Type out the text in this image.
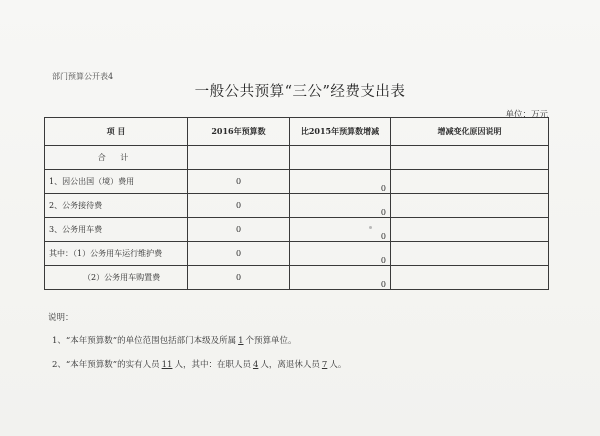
部门预算公开表4
一般公共预算“三公”经费支出表
单位：万元
项 目	2016年预算数	比2015年预算数增减	增减变化原因说明
合 计			
1、因公出国（境）费用	0	0	
2、公务接待费	0	0	
3、公务用车费	0	0	
其中：（1）公务用车运行维护费	0	0	
（2）公务用车购置费	0	0	
说明：
1、“本年预算数”的单位范围包括部门本级及所属 1 个预算单位。
2、“本年预算数”的实有人员 11 人，其中：在职人员 4 人，离退休人员 7 人。
